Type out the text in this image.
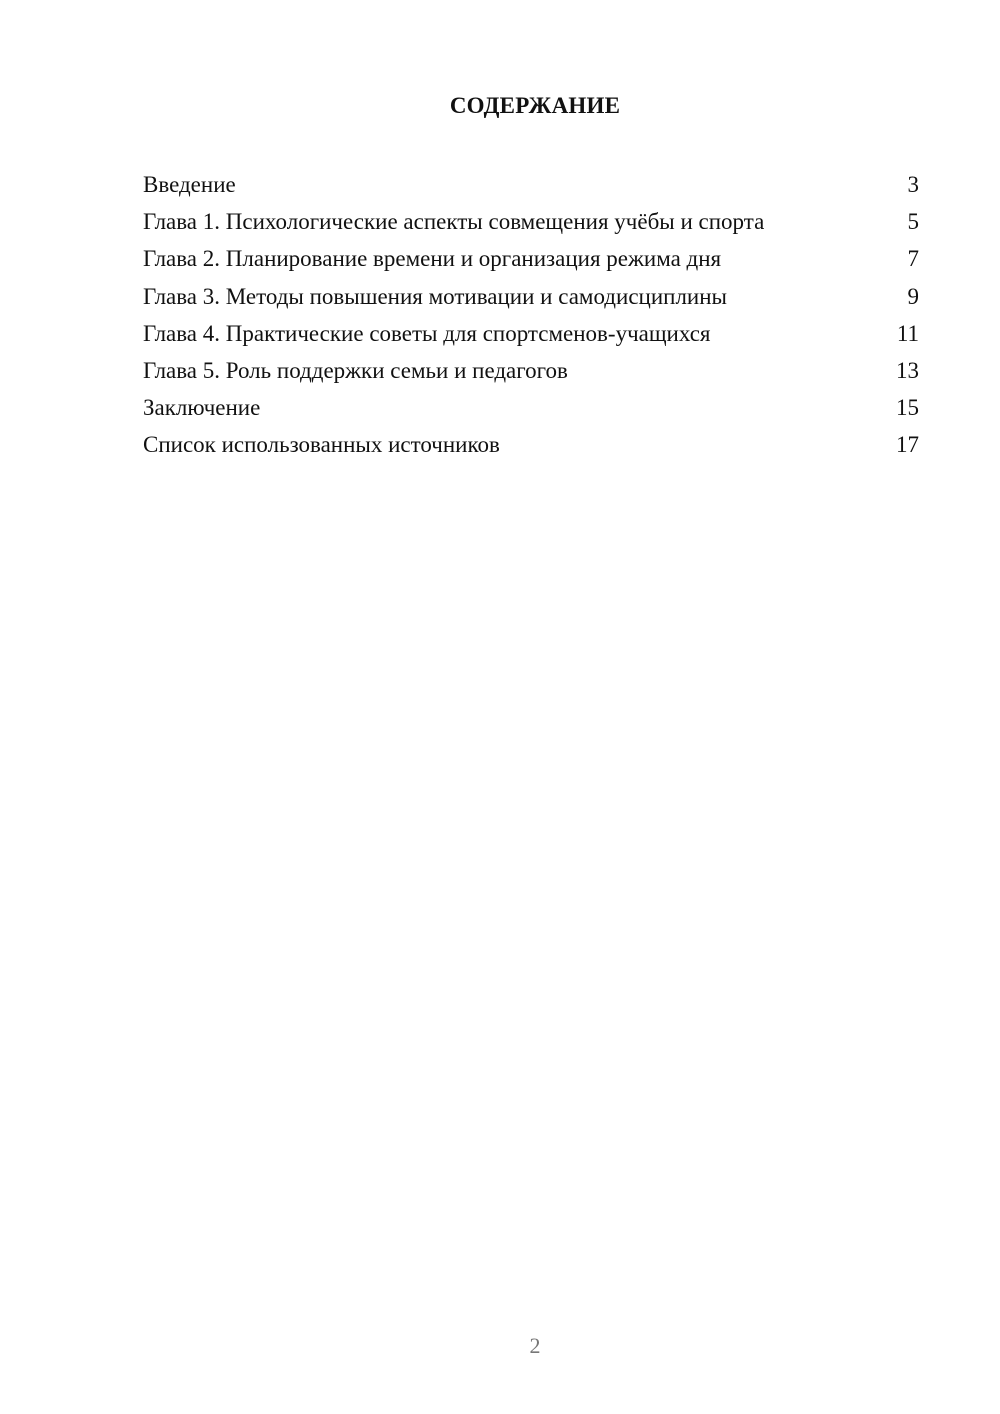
СОДЕРЖАНИЕ
Введение	3
Глава 1. Психологические аспекты совмещения учёбы и спорта	5
Глава 2. Планирование времени и организация режима дня	7
Глава 3. Методы повышения мотивации и самодисциплины	9
Глава 4. Практические советы для спортсменов-учащихся	11
Глава 5. Роль поддержки семьи и педагогов	13
Заключение	15
Список использованных источников	17
2
